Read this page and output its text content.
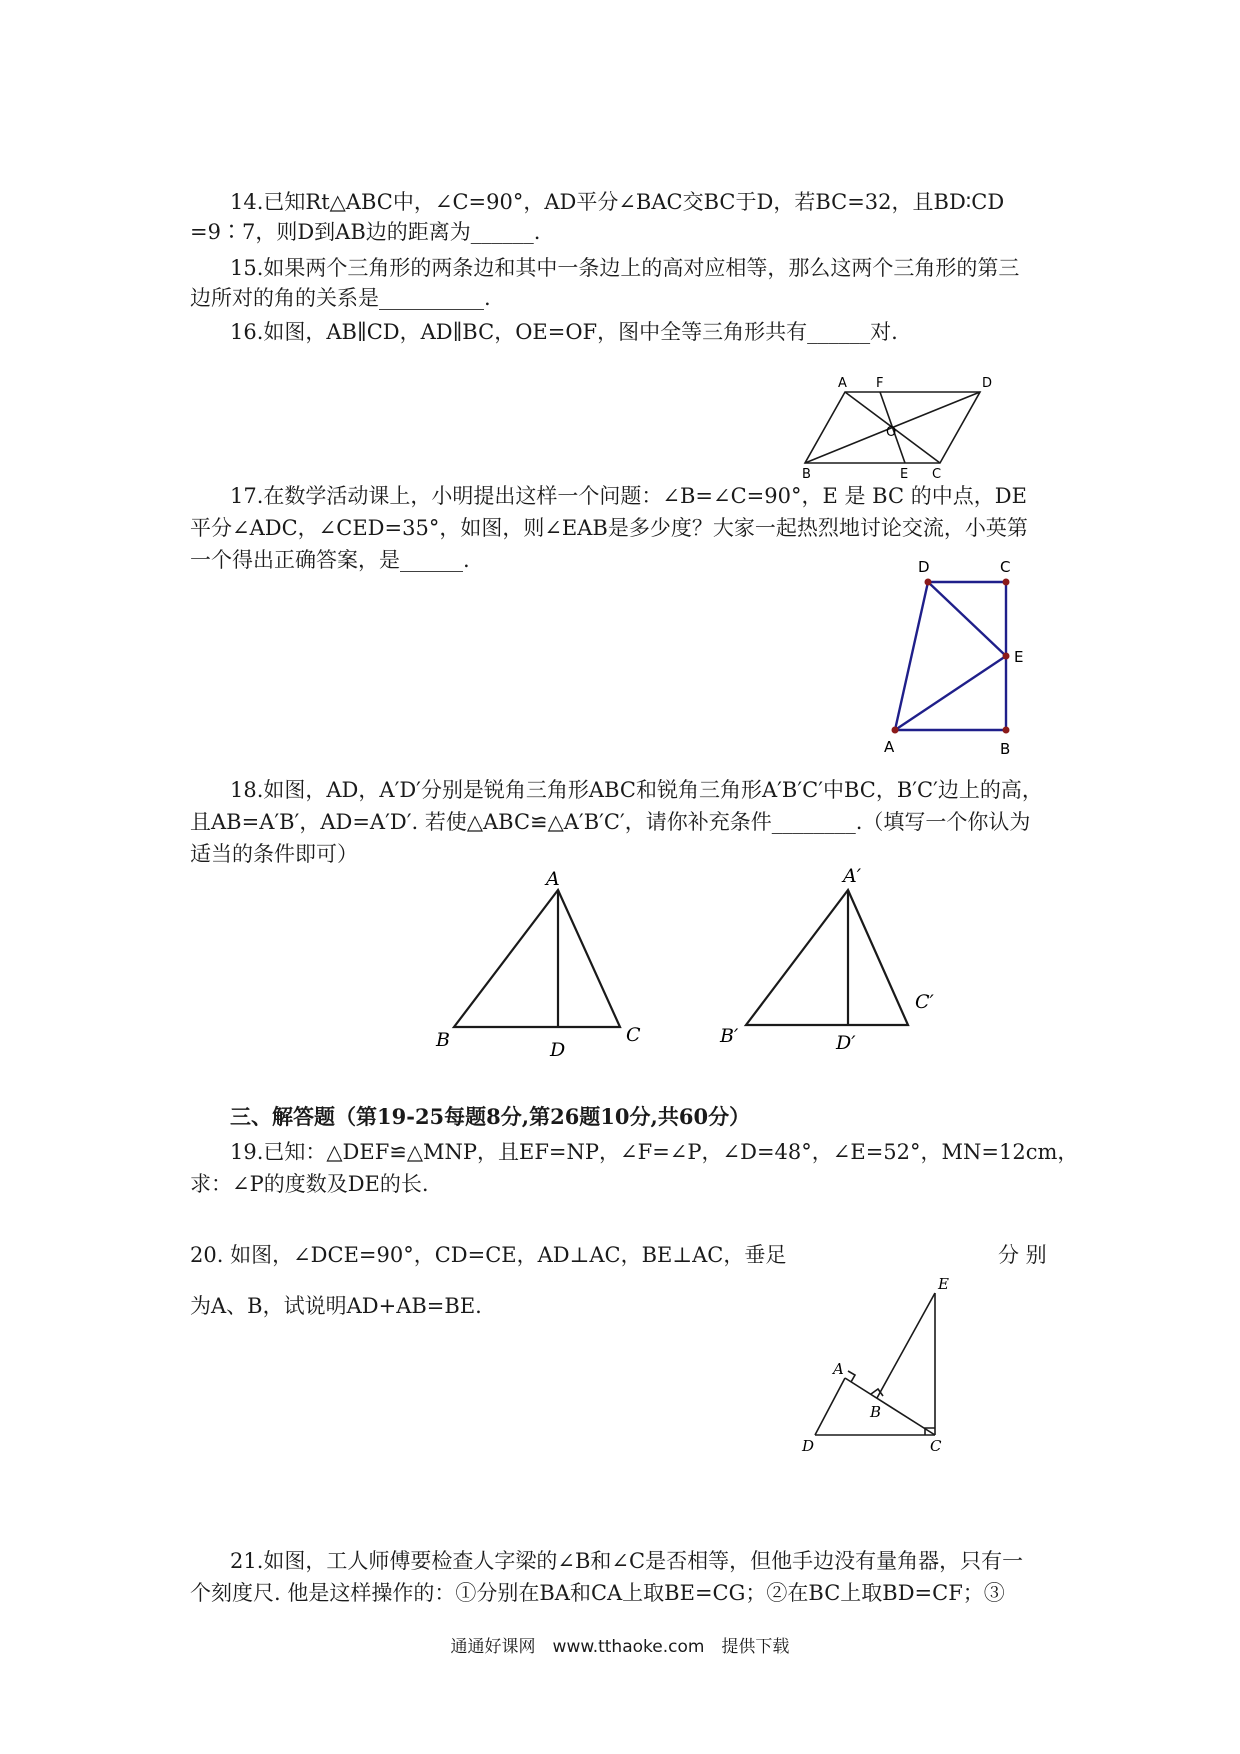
14.已知Rt△ABC中，∠C=90°，AD平分∠BAC交BC于D，若BC=32，且BD∶CD
=9∶7，则D到AB边的距离为______.
15.如果两个三角形的两条边和其中一条边上的高对应相等，那么这两个三角形的第三
边所对的角的关系是__________.
16.如图，AB∥CD，AD∥BC，OE=OF，图中全等三角形共有______对.
A F	D
O
B	E C
17.在数学活动课上，小明提出这样一个问题：∠B=∠C=90°，E 是 BC 的中点，DE
平分∠ADC，∠CED=35°，如图，则∠EAB是多少度？大家一起热烈地讨论交流，小英第
一个得出正确答案，是______.	D	C
E
A	B
18.如图，AD，A′D′分别是锐角三角形ABC和锐角三角形A′B′C′中BC，B′C′边上的高，
且AB=A′B′，AD=A′D′. 若使△ABC≌△A′B′C′，请你补充条件________.（填写一个你认为
适当的条件即可）
A
B	C
D
A′
B′
C′
D′
三、解答题（第19-25每题8分,第26题10分,共60分）
19.已知：△DEF≌△MNP，且EF=NP，∠F=∠P，∠D=48°，∠E=52°，MN=12cm，
求：∠P的度数及DE的长.
20. 如图，∠DCE=90°，CD=CE，AD⊥AC，BE⊥AC，垂足	分 别
为A、B，试说明AD+AB=BE.
E
A
B
D	C
21.如图，工人师傅要检查人字梁的∠B和∠C是否相等，但他手边没有量角器，只有一
个刻度尺. 他是这样操作的：①分别在BA和CA上取BE=CG；②在BC上取BD=CF；③
通通好课网　www.tthaoke.com　提供下载
